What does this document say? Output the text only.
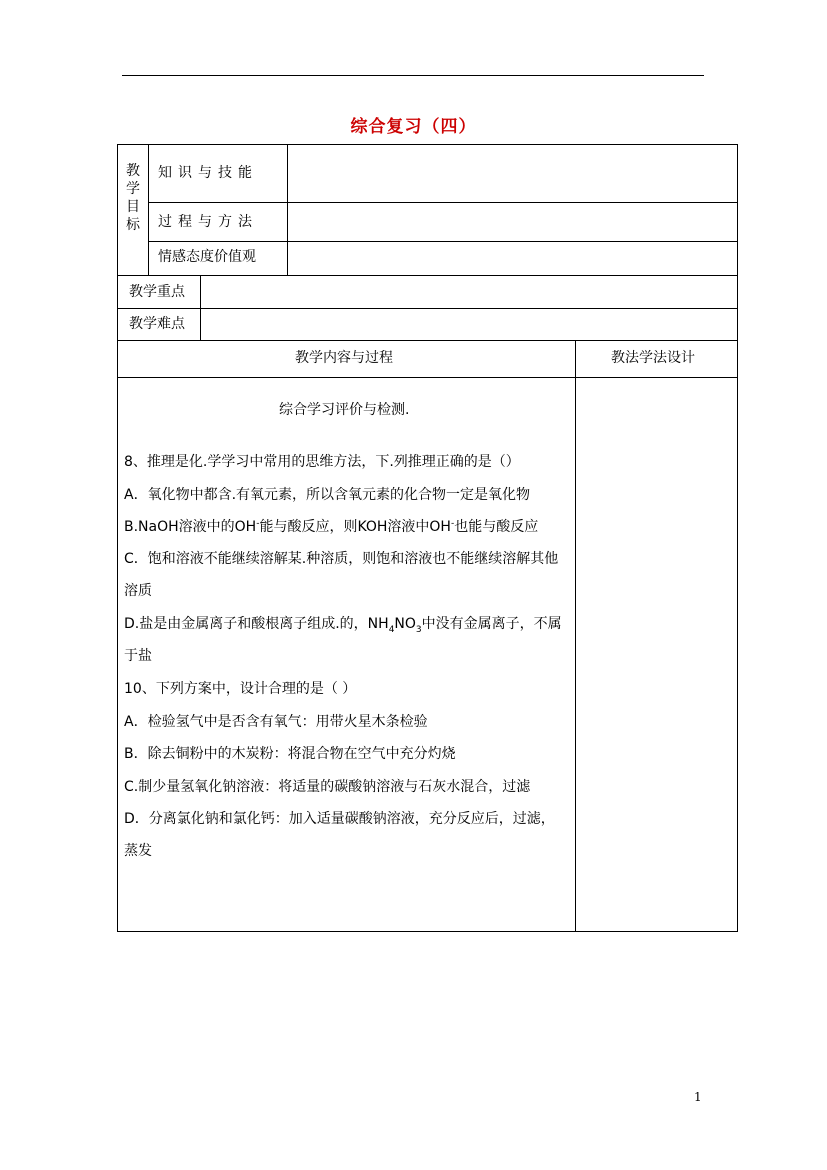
综合复习（四）
教
学
目
标
知识与技能
过程与方法
情感态度价值观
教学重点
教学难点
教学内容与过程	教法学法设计
综合学习评价与检测.
8、推理是化.学学习中常用的思维方法，下.列推理正确的是（）
A．氧化物中都含.有氧元素，所以含氧元素的化合物一定是氧化物
B.NaOH溶液中的OH-能与酸反应，则KOH溶液中OH-也能与酸反应
C．饱和溶液不能继续溶解某.种溶质，则饱和溶液也不能继续溶解其他
溶质
D.盐是由金属离子和酸根离子组成.的，$NH_4NO_3$中没有金属离子，不属
于盐
10、下列方案中，设计合理的是（ ）
A．检验氢气中是否含有氧气：用带火星木条检验
B．除去铜粉中的木炭粉：将混合物在空气中充分灼烧
C.制少量氢氧化钠溶液：将适量的碳酸钠溶液与石灰水混合，过滤
D．分离氯化钠和氯化钙：加入适量碳酸钠溶液，充分反应后，过滤，
蒸发
1
